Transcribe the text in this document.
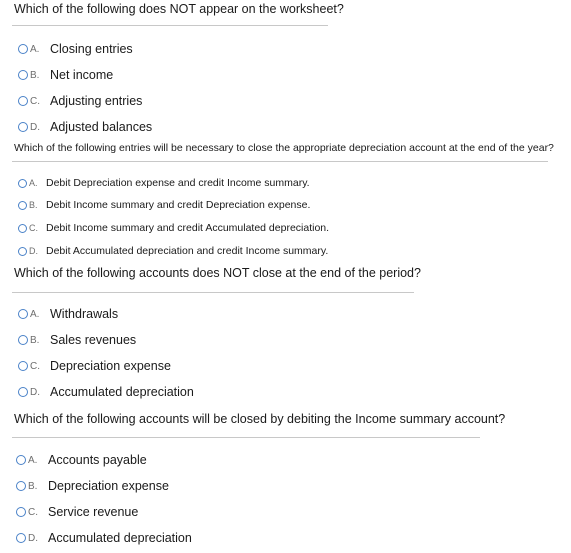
Which of the following does NOT appear on the worksheet?
A. Closing entries
B. Net income
C. Adjusting entries
D. Adjusted balances
Which of the following entries will be necessary to close the appropriate depreciation account at the end of the year?
A. Debit Depreciation expense and credit Income summary.
B. Debit Income summary and credit Depreciation expense.
C. Debit Income summary and credit Accumulated depreciation.
D. Debit Accumulated depreciation and credit Income summary.
Which of the following accounts does NOT close at the end of the period?
A. Withdrawals
B. Sales revenues
C. Depreciation expense
D. Accumulated depreciation
Which of the following accounts will be closed by debiting the Income summary account?
A. Accounts payable
B. Depreciation expense
C. Service revenue
D. Accumulated depreciation
